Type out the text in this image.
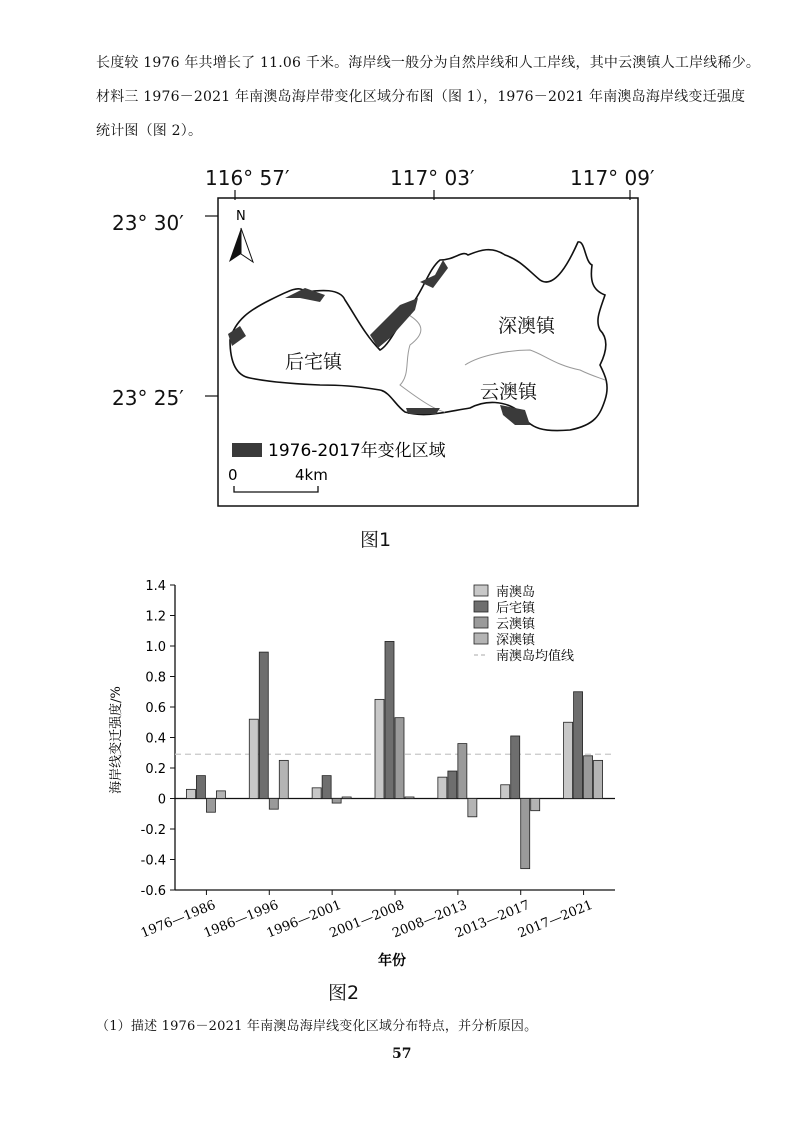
长度较 1976 年共增长了 11.06 千米。海岸线一般分为自然岸线和人工岸线，其中云澳镇人工岸线稀少。
材料三 1976－2021 年南澳岛海岸带变化区域分布图（图 1），1976－2021 年南澳岛海岸线变迁强度
统计图（图 2）。
116° 57′	117° 03′	117° 09′
23° 30′
23° 25′
N
后宅镇
深澳镇
云澳镇
1976-2017年变化区域
0	4km
图1
-0.6
-0.4
-0.2
0
0.2
0.4
0.6
0.8
1.0
1.2
1.4
1976—1986
1986—1996
1996—2001
2001—2008
2008—2013
2013—2017
2017—2021
南澳岛
后宅镇
云澳镇
深澳镇
南澳岛均值线
海岸线变迁强度/%
年份
图2
（1）描述 1976－2021 年南澳岛海岸线变化区域分布特点，并分析原因。
57
